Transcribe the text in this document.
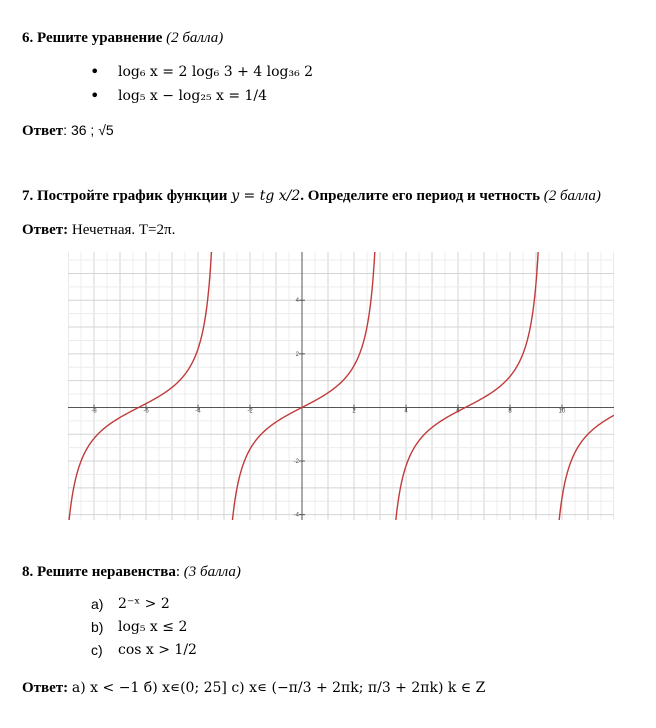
6. Решите уравнение (2 балла)
• log₆ x = 2 log₆ 3 + 4 log₃₆ 2
• log₅ x − log₂₅ x = 1/4
Ответ: 36 ; √5
7. Постройте график функции y = tg x/2. Определите его период и четность (2 балла)
Ответ: Нечетная. T=2π.
-8	-6	-4	-2	2	4	6	8	10
-4
-2
2
4
8. Решите неравенства: (3 балла)
a) 2⁻ˣ > 2
b) log₅ x ≤ 2
c) cos x > 1/2
Ответ: а) x < −1 б) x∊(0; 25] c) x∊ (−π/3 + 2πk; π/3 + 2πk) k ∈ Z
